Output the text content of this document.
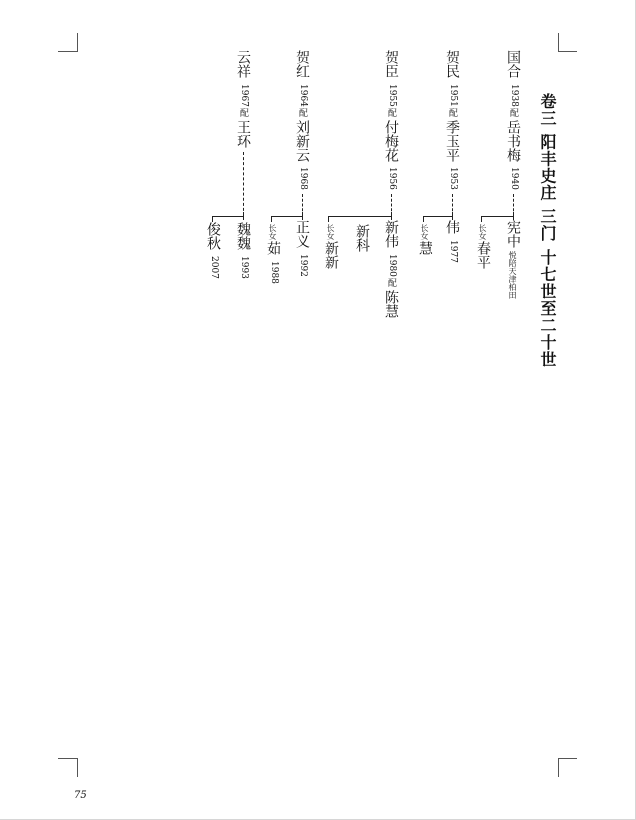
卷三 阳丰史庄 三门 十七世至二十世
国合
1938
配
岳书梅
1940
宪中
悦陪天津柏田
长女
春平
贺民
1951
配
季玉平
1953
伟
1977
长女
慧
贺臣
1955
配
付梅花
1956
新伟
1980
配
陈慧
新科
长女
新新
贺红
1964
配
刘新云
1968
正义
1992
长女
茹
1988
云祥
1967
配
王环
魏魏
1993
俊秋
2007
75
